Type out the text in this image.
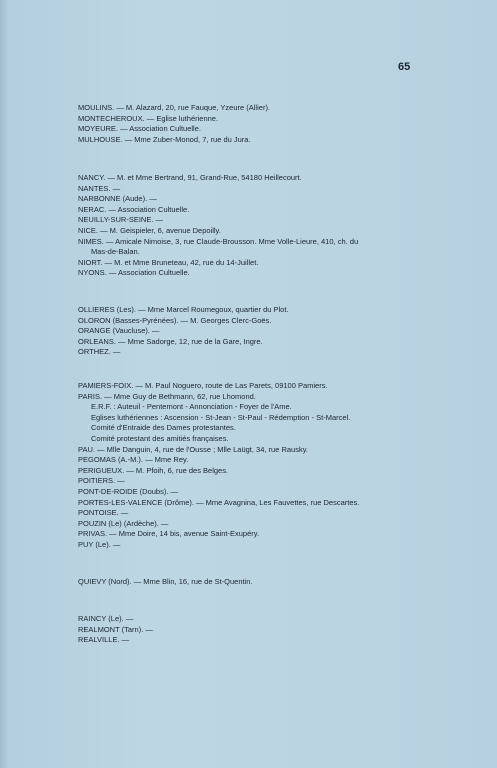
65
MOULINS. — M. Alazard, 20, rue Fauque, Yzeure (Allier).
MONTECHEROUX. — Eglise luthérienne.
MOYEURE. — Association Cultuelle.
MULHOUSE. — Mme Zuber-Monod, 7, rue du Jura.
NANCY. — M. et Mme Bertrand, 91, Grand-Rue, 54180 Heillecourt.
NANTES. —
NARBONNE (Aude). —
NERAC. — Association Cultuelle.
NEUILLY-SUR-SEINE. —
NICE. — M. Geispieler, 6, avenue Depoilly.
NIMES. — Amicale Nimoise, 3, rue Claude-Brousson. Mme Volle-Lieure, 410, ch. du
Mas-de-Balan.
NIORT. — M. et Mme Bruneteau, 42, rue du 14-Juillet.
NYONS. — Association Cultuelle.
OLLIERES (Les). — Mme Marcel Roumegoux, quartier du Plot.
OLORON (Basses-Pyrénées). — M. Georges Clerc-Goës.
ORANGE (Vaucluse). —
ORLEANS. — Mme Sadorge, 12, rue de la Gare, Ingre.
ORTHEZ. —
PAMIERS-FOIX. — M. Paul Noguero, route de Las Parets, 09100 Pamiers.
PARIS. — Mme Guy de Bethmann, 62, rue Lhomond.
E.R.F. : Auteuil - Pentemont - Annonciation - Foyer de l'Ame.
Eglises luthériennes : Ascension - St-Jean - St-Paul - Rédemption - St-Marcel.
Comité d'Entraide des Dames protestantes.
Comité protestant des amitiés françaises.
PAU. — Mlle Danguin, 4, rue de l'Ousse ; Mlle Laügt, 34, rue Rausky.
PEGOMAS (A.-M.). — Mme Rey.
PERIGUEUX. — M. Pfoih, 6, rue des Belges.
POITIERS. —
PONT-DE-ROIDE (Doubs). —
PORTES-LES-VALENCE (Drôme). — Mme Avagnina, Les Fauvettes, rue Descartes.
PONTOISE. —
POUZIN (Le) (Ardèche). —
PRIVAS. — Mme Doire, 14 bis, avenue Saint-Exupéry.
PUY (Le). —
QUIEVY (Nord). — Mme Blin, 16, rue de St-Quentin.
RAINCY (Le). —
REALMONT (Tarn). —
REALVILLE. —
